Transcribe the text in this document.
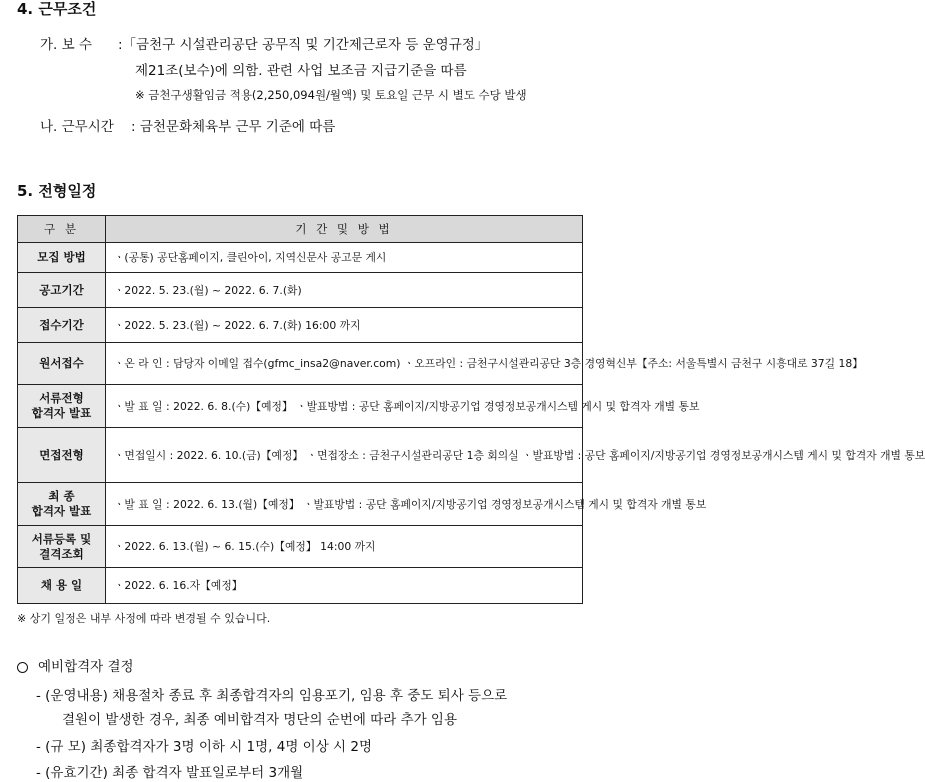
4. 근무조건
가. 보 수 :「금천구 시설관리공단 공무직 및 기간제근로자 등 운영규정」
제21조(보수)에 의함. 관련 사업 보조금 지급기준을 따름
※ 금천구생활임금 적용(2,250,094원/월액) 및 토요일 근무 시 별도 수당 발생
나. 근무시간 : 금천문화체육부 근무 기준에 따름
5. 전형일정
구 분	기 간 및 방 법
모집 방법	ㆍ(공통) 공단홈페이지, 클린아이, 지역신문사 공고문 게시
공고기간	ㆍ2022. 5. 23.(월) ~ 2022. 6. 7.(화)
접수기간	ㆍ2022. 5. 23.(월) ~ 2022. 6. 7.(화) 16:00 까지
원서접수	ㆍ온 라 인 : 담당자 이메일 접수(gfmc_insa2@naver.com) ㆍ오프라인 : 금천구시설관리공단 3층 경영혁신부【주소: 서울특별시 금천구 시흥대로 37길 18】
서류전형
합격자 발표	ㆍ발 표 일 : 2022. 6. 8.(수)【예정】 ㆍ발표방법 : 공단 홈페이지/지방공기업 경영정보공개시스템 게시 및 합격자 개별 통보
면접전형	ㆍ면접일시 : 2022. 6. 10.(금)【예정】 ㆍ면접장소 : 금천구시설관리공단 1층 회의실 ㆍ발표방법 : 공단 홈페이지/지방공기업 경영정보공개시스템 게시 및 합격자 개별 통보
최 종
합격자 발표	ㆍ발 표 일 : 2022. 6. 13.(월)【예정】 ㆍ발표방법 : 공단 홈페이지/지방공기업 경영정보공개시스템 게시 및 합격자 개별 통보
서류등록 및
결격조회	ㆍ2022. 6. 13.(월) ~ 6. 15.(수)【예정】 14:00 까지
채 용 일	ㆍ2022. 6. 16.자【예정】
※ 상기 일정은 내부 사정에 따라 변경될 수 있습니다.
예비합격자 결정
- (운영내용) 채용절차 종료 후 최종합격자의 임용포기, 임용 후 중도 퇴사 등으로
결원이 발생한 경우, 최종 예비합격자 명단의 순번에 따라 추가 임용
- (규 모) 최종합격자가 3명 이하 시 1명, 4명 이상 시 2명
- (유효기간) 최종 합격자 발표일로부터 3개월
